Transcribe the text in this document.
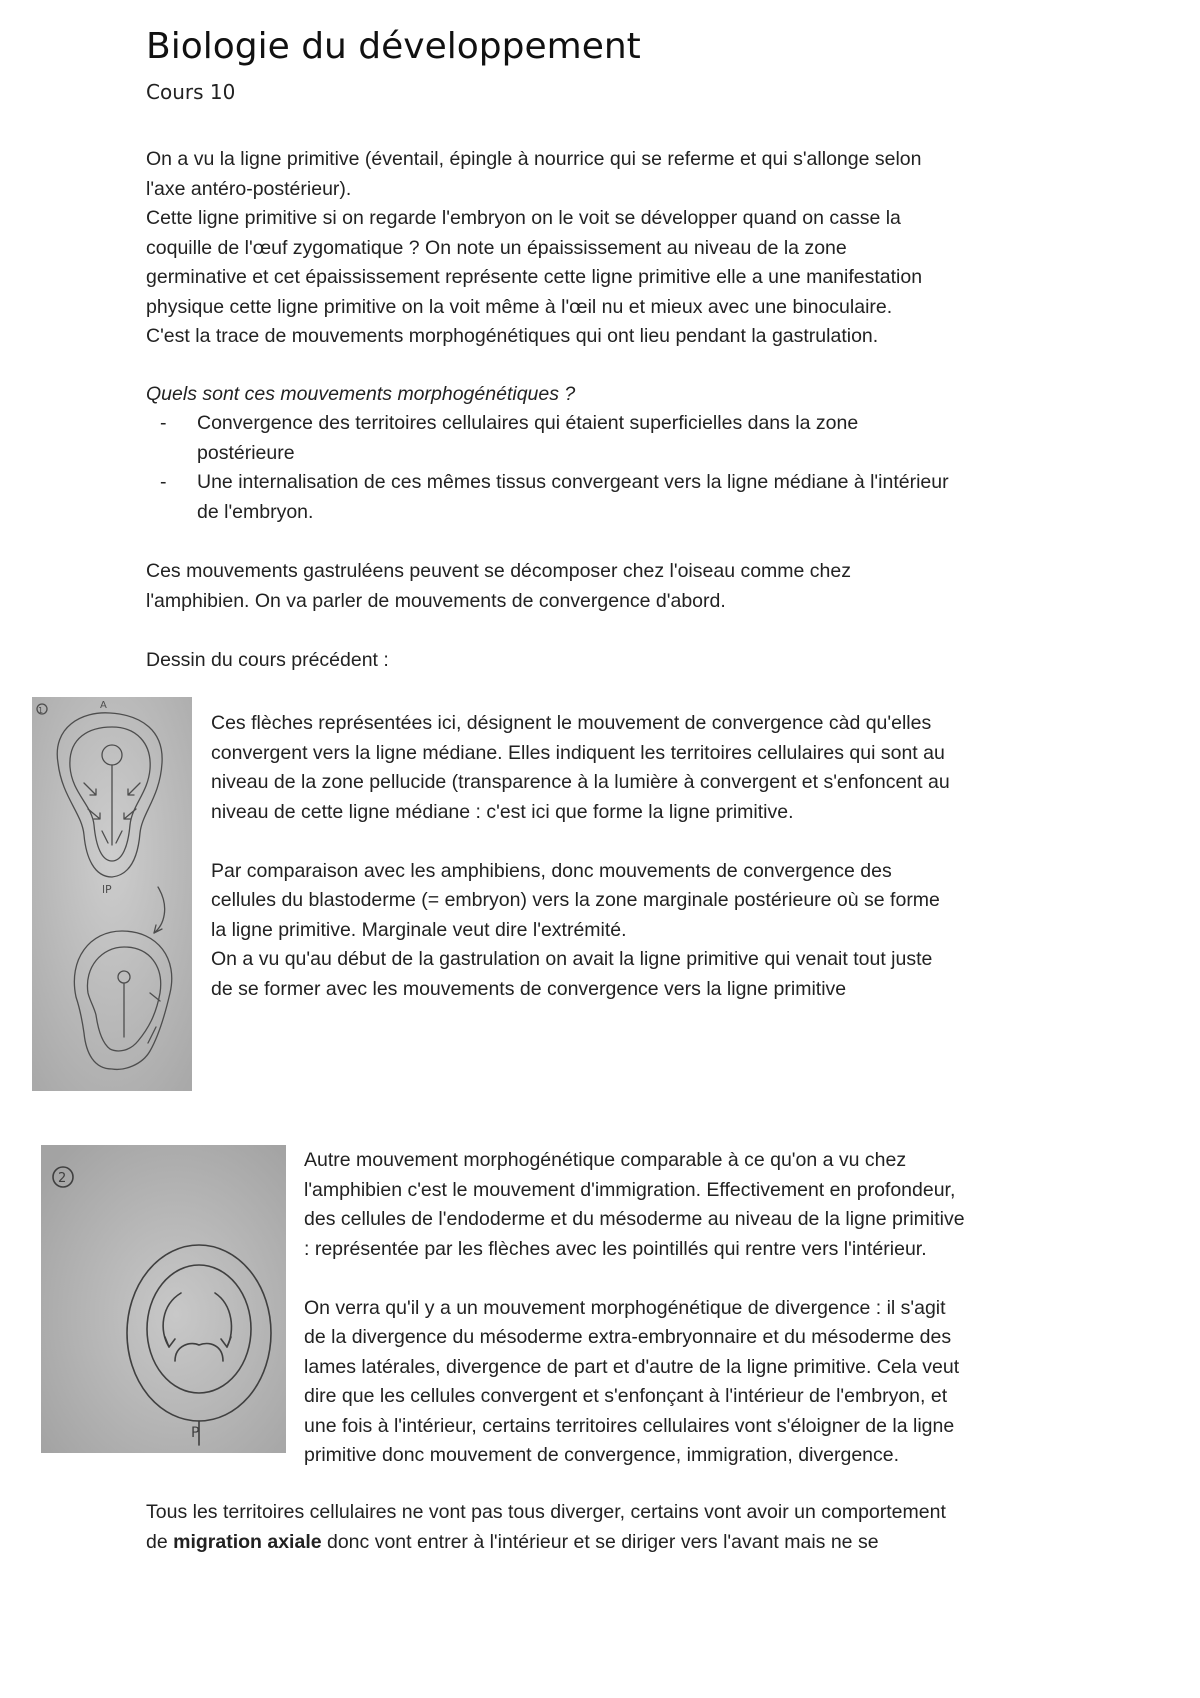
Biologie du développement
Cours 10

On a vu la ligne primitive (éventail, épingle à nourrice qui se referme et qui s'allonge selon

l'axe antéro-postérieur).

Cette ligne primitive si on regarde l'embryon on le voit se développer quand on casse la

coquille de l'œuf zygomatique ? On note un épaississement au niveau de la zone

germinative et cet épaississement représente cette ligne primitive elle a une manifestation

physique cette ligne primitive on la voit même à l'œil nu et mieux avec une binoculaire.

C'est la trace de mouvements morphogénétiques qui ont lieu pendant la gastrulation.

Quels sont ces mouvements morphogénétiques ?
- Convergence des territoires cellulaires qui étaient superficielles dans la zone
postérieure
- Une internalisation de ces mêmes tissus convergeant vers la ligne médiane à l'intérieur
de l'embryon.

Ces mouvements gastruléens peuvent se décomposer chez l'oiseau comme chez

l'amphibien. On va parler de mouvements de convergence d'abord.

Dessin du cours précédent :
A
1
lP

Ces flèches représentées ici, désignent le mouvement de convergence càd qu'elles

convergent vers la ligne médiane. Elles indiquent les territoires cellulaires qui sont au

niveau de la zone pellucide (transparence à la lumière à convergent et s'enfoncent au

niveau de cette ligne médiane : c'est ici que forme la ligne primitive.

Par comparaison avec les amphibiens, donc mouvements de convergence des

cellules du blastoderme (= embryon) vers la zone marginale postérieure où se forme

la ligne primitive. Marginale veut dire l'extrémité.

On a vu qu'au début de la gastrulation on avait la ligne primitive qui venait tout juste

de se former avec les mouvements de convergence vers la ligne primitive

2
P

Autre mouvement morphogénétique comparable à ce qu'on a vu chez

l'amphibien c'est le mouvement d'immigration. Effectivement en profondeur,

des cellules de l'endoderme et du mésoderme au niveau de la ligne primitive

: représentée par les flèches avec les pointillés qui rentre vers l'intérieur.

On verra qu'il y a un mouvement morphogénétique de divergence : il s'agit

de la divergence du mésoderme extra-embryonnaire et du mésoderme des

lames latérales, divergence de part et d'autre de la ligne primitive. Cela veut

dire que les cellules convergent et s'enfonçant à l'intérieur de l'embryon, et

une fois à l'intérieur, certains territoires cellulaires vont s'éloigner de la ligne

primitive donc mouvement de convergence, immigration, divergence.

Tous les territoires cellulaires ne vont pas tous diverger, certains vont avoir un comportement

de migration axiale donc vont entrer à l'intérieur et se diriger vers l'avant mais ne se
